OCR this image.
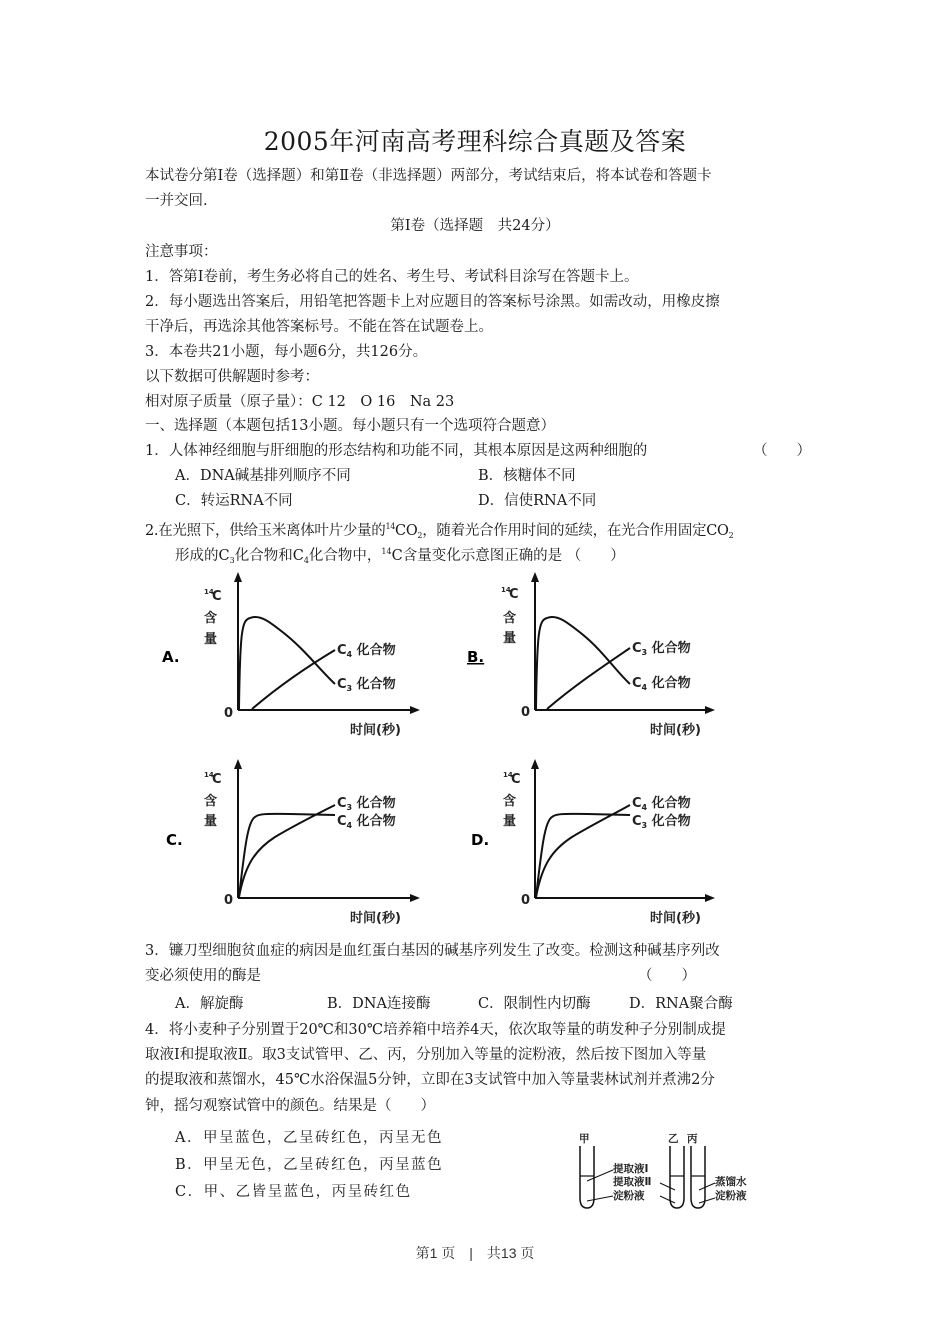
2005年河南高考理科综合真题及答案
本试卷分第Ⅰ卷（选择题）和第Ⅱ卷（非选择题）两部分，考试结束后，将本试卷和答题卡
一并交回.
第Ⅰ卷（选择题　共24分）
注意事项：
1．答第Ⅰ卷前，考生务必将自己的姓名、考生号、考试科目涂写在答题卡上。
2．每小题选出答案后，用铅笔把答题卡上对应题目的答案标号涂黑。如需改动，用橡皮擦
干净后，再选涂其他答案标号。不能在答在试题卷上。
3．本卷共21小题，每小题6分，共126分。
以下数据可供解题时参考：
相对原子质量（原子量）：C 12　O 16　Na 23
一、选择题（本题包括13小题。每小题只有一个选项符合题意）
1．人体神经细胞与肝细胞的形态结构和功能不同，其根本原因是这两种细胞的	（　　）
A．DNA碱基排列顺序不同	B．核糖体不同
C．转运RNA不同	D．信使RNA不同
2.在光照下，供给玉米离体叶片少量的$^{14}CO_2$，随着光合作用时间的延续，在光合作用固定$CO_2$
形成的$C_3$化合物和$C_4$化合物中，$^{14}$C含量变化示意图正确的是 （　　）
A.
14
C
含
量
0
时间(秒)
$C_4$ 化合物
$C_3$ 化合物
B.
14
C
含
量
0
时间(秒)
$C_3$ 化合物
$C_4$ 化合物
C.
14
C
含
量
0
时间(秒)
$C_3$ 化合物
$C_4$ 化合物
D.
14
C
含
量
0
时间(秒)
$C_4$ 化合物
$C_3$ 化合物
3．镰刀型细胞贫血症的病因是血红蛋白基因的碱基序列发生了改变。检测这种碱基序列改
变必须使用的酶是	（　　）
A．解旋酶	B．DNA连接酶	C．限制性内切酶	D．RNA聚合酶
4．将小麦种子分别置于20℃和30℃培养箱中培养4天，依次取等量的萌发种子分别制成提
取液Ⅰ和提取液Ⅱ。取3支试管甲、乙、丙，分别加入等量的淀粉液，然后按下图加入等量
的提取液和蒸馏水，45℃水浴保温5分钟，立即在3支试管中加入等量裴林试剂并煮沸2分
钟，摇匀观察试管中的颜色。结果是（　　）
A．甲呈蓝色，乙呈砖红色，丙呈无色
B．甲呈无色，乙呈砖红色，丙呈蓝色
C．甲、乙皆呈蓝色，丙呈砖红色
甲	乙 丙
提取液Ⅰ
提取液Ⅱ
淀粉液
蒸馏水
淀粉液
第1 页　|　共13 页
